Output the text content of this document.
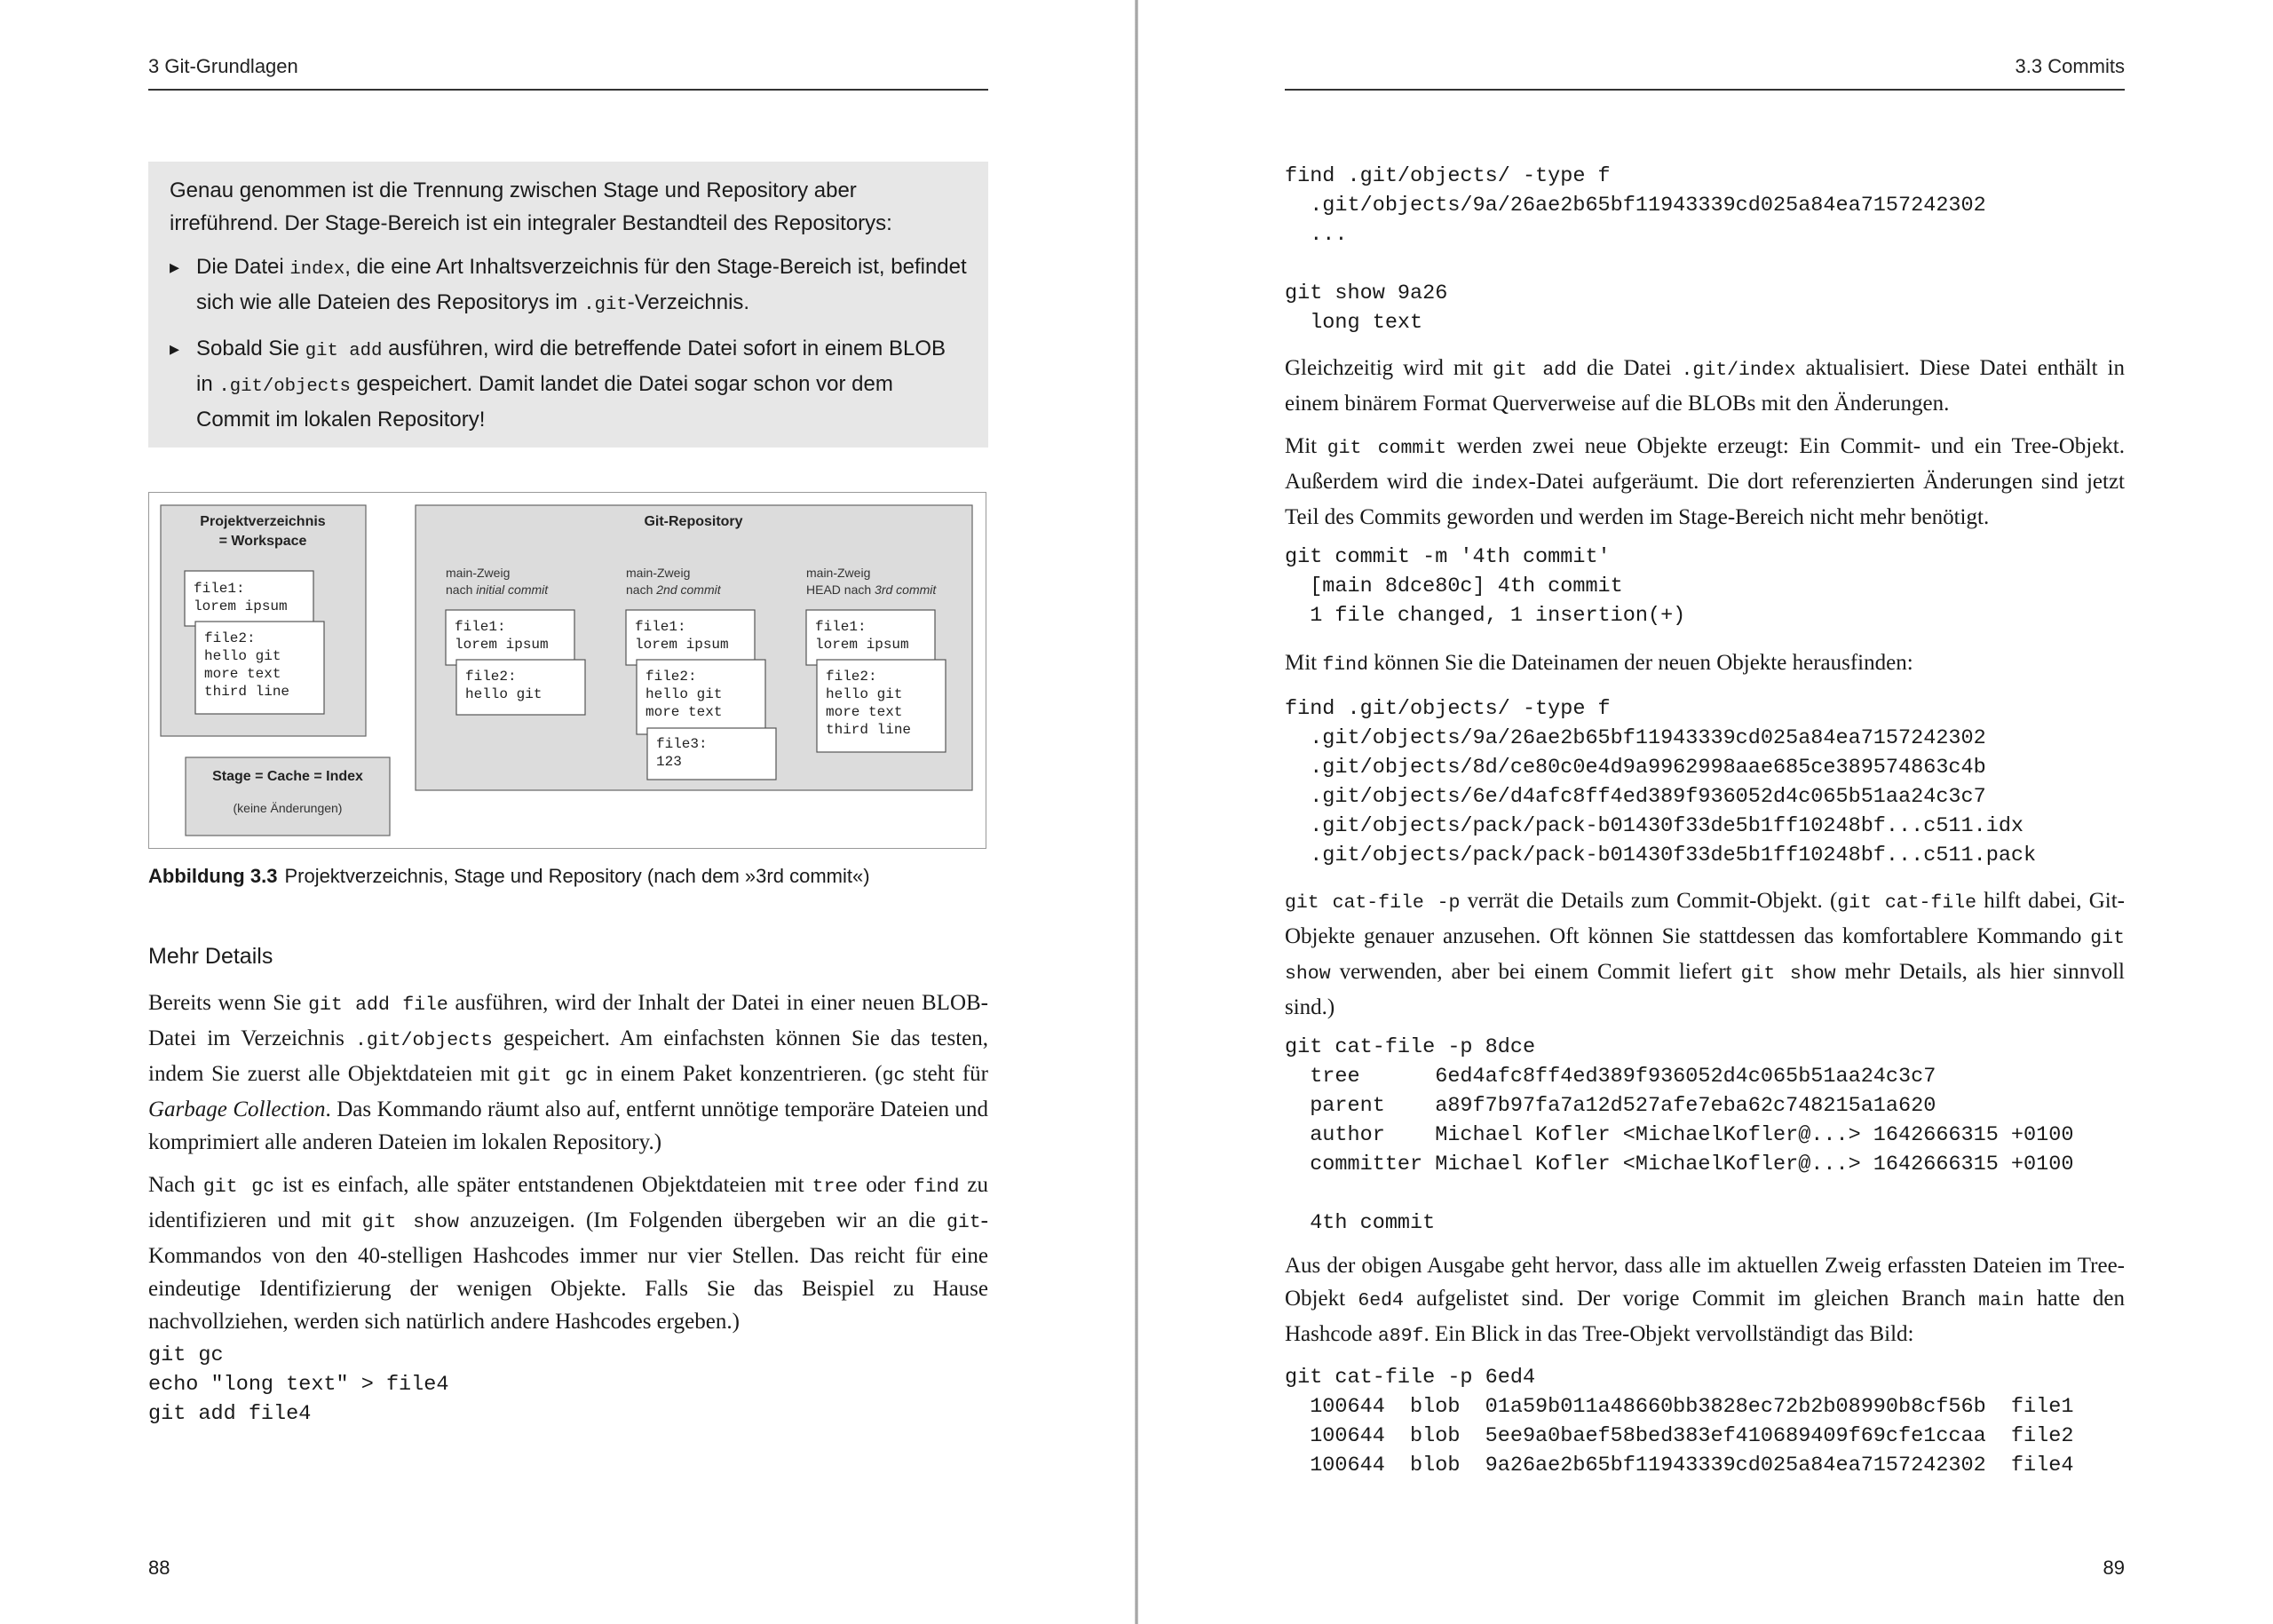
3 Git-Grundlagen

Genau genommen ist die Trennung zwischen Stage und Repository aber irreführend. Der Stage-Bereich ist ein integraler Bestandteil des Repositorys:

▸ Die Datei index, die eine Art Inhaltsverzeichnis für den Stage-Bereich ist, befindet sich wie alle Dateien des Repositorys im .git-Verzeichnis.
▸ Sobald Sie git add ausführen, wird die betreffende Datei sofort in einem BLOB in .git/objects gespeichert. Damit landet die Datei sogar schon vor dem Commit im lokalen Repository!
Projektverzeichnis
= Workspace
file1: lorem ipsum
file2: hello git more text third line
Stage = Cache = Index
(keine Änderungen)
Git-Repository
main-Zweig
nach initial commit
main-Zweig
nach 2nd commit
main-Zweig
HEAD nach 3rd commit
file1: lorem ipsum
file2: hello git
file1: lorem ipsum
file2: hello git more text
file3: 123
file1: lorem ipsum
file2: hello git more text third line
Abbildung 3.3 Projektverzeichnis, Stage und Repository (nach dem »3rd commit«)
Mehr Details

Bereits wenn Sie git add file ausführen, wird der Inhalt der Datei in einer neuen BLOB-Datei im Verzeichnis .git/objects gespeichert. Am einfachsten können Sie das testen, indem Sie zuerst alle Objektdateien mit git gc in einem Paket konzentrieren. (gc steht für Garbage Collection. Das Kommando räumt also auf, entfernt unnötige temporäre Dateien und komprimiert alle anderen Dateien im lokalen Repository.)

Nach git gc ist es einfach, alle später entstandenen Objektdateien mit tree oder find zu identifizieren und mit git show anzuzeigen. (Im Folgenden übergeben wir an die git-Kommandos von den 40-stelligen Hashcodes immer nur vier Stellen. Das reicht für eine eindeutige Identifizierung der wenigen Objekte. Falls Sie das Beispiel zu Hause nachvollziehen, werden sich natürlich andere Hashcodes ergeben.)

git gc
echo "long text" > file4
git add file4
88
3.3 Commits
find .git/objects/ -type f
.git/objects/9a/26ae2b65bf11943339cd025a84ea7157242302
...
git show 9a26
long text

Gleichzeitig wird mit git add die Datei .git/index aktualisiert. Diese Datei enthält in einem binärem Format Querverweise auf die BLOBs mit den Änderungen.

Mit git commit werden zwei neue Objekte erzeugt: Ein Commit- und ein Tree-Objekt. Außerdem wird die index-Datei aufgeräumt. Die dort referenzierten Änderungen sind jetzt Teil des Commits geworden und werden im Stage-Bereich nicht mehr benötigt.

git commit -m '4th commit'
[main 8dce80c] 4th commit
1 file changed, 1 insertion(+)

Mit find können Sie die Dateinamen der neuen Objekte herausfinden:

find .git/objects/ -type f
.git/objects/9a/26ae2b65bf11943339cd025a84ea7157242302
.git/objects/8d/ce80c0e4d9a9962998aae685ce389574863c4b
.git/objects/6e/d4afc8ff4ed389f936052d4c065b51aa24c3c7
.git/objects/pack/pack-b01430f33de5b1ff10248bf...c511.idx
.git/objects/pack/pack-b01430f33de5b1ff10248bf...c511.pack

git cat-file -p verrät die Details zum Commit-Objekt. (git cat-file hilft dabei, Git-Objekte genauer anzusehen. Oft können Sie stattdessen das komfortablere Kommando git show verwenden, aber bei einem Commit liefert git show mehr Details, als hier sinnvoll sind.)

git cat-file -p 8dce
tree      6ed4afc8ff4ed389f936052d4c065b51aa24c3c7
parent    a89f7b97fa7a12d527afe7eba62c748215a1a620
author    Michael Kofler <MichaelKofler@...> 1642666315 +0100
committer Michael Kofler <MichaelKofler@...> 1642666315 +0100

4th commit

Aus der obigen Ausgabe geht hervor, dass alle im aktuellen Zweig erfassten Dateien im Tree-Objekt 6ed4 aufgelistet sind. Der vorige Commit im gleichen Branch main hatte den Hashcode a89f. Ein Blick in das Tree-Objekt vervollständigt das Bild:

git cat-file -p 6ed4
100644  blob  01a59b011a48660bb3828ec72b2b08990b8cf56b  file1
100644  blob  5ee9a0baef58bed383ef410689409f69cfe1ccaa  file2
100644  blob  9a26ae2b65bf11943339cd025a84ea7157242302  file4
89
